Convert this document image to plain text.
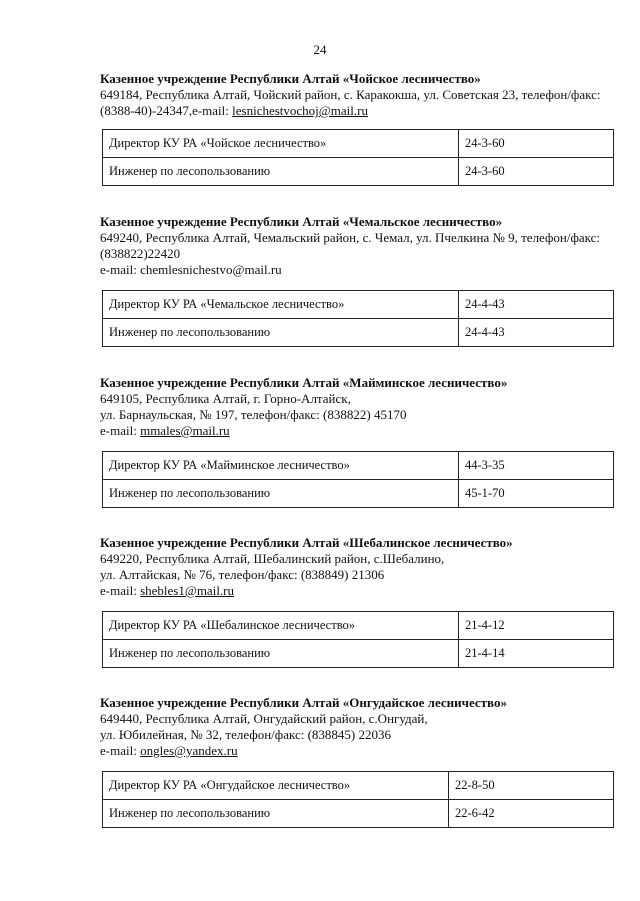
24

Казенное учреждение Республики Алтай «Чойское лесничество»

649184, Республика Алтай, Чойский район, с. Каракокша, ул. Советская 23, телефон/факс:

(8388-40)-24347,e-mail: lesnichestvochoj@mail.ru

Директор КУ РА «Чойское лесничество»	24-3-60
Инженер по лесопользованию	24-3-60

Казенное учреждение Республики Алтай «Чемальское лесничество»

649240, Республика Алтай, Чемальский район, с. Чемал, ул. Пчелкина № 9, телефон/факс:

(838822)22420

e-mail: chemlesnichestvo@mail.ru

Директор КУ РА «Чемальское лесничество»	24-4-43
Инженер по лесопользованию	24-4-43

Казенное учреждение Республики Алтай «Майминское лесничество»

649105, Республика Алтай, г. Горно-Алтайск,

ул. Барнаульская, № 197, телефон/факс: (838822) 45170

e-mail: mmales@mail.ru

Директор КУ РА «Майминское лесничество»	44-3-35
Инженер по лесопользованию	45-1-70

Казенное учреждение Республики Алтай «Шебалинское лесничество»

649220, Республика Алтай, Шебалинский район, с.Шебалино,

ул. Алтайская, № 76, телефон/факс: (838849) 21306

e-mail: shebles1@mail.ru

Директор КУ РА «Шебалинское лесничество»	21-4-12
Инженер по лесопользованию	21-4-14

Казенное учреждение Республики Алтай «Онгудайское лесничество»

649440, Республика Алтай, Онгудайский район, с.Онгудай,

ул. Юбилейная, № 32, телефон/факс: (838845) 22036

e-mail: ongles@yandex.ru

Директор КУ РА «Онгудайское лесничество»	22-8-50
Инженер по лесопользованию	22-6-42
